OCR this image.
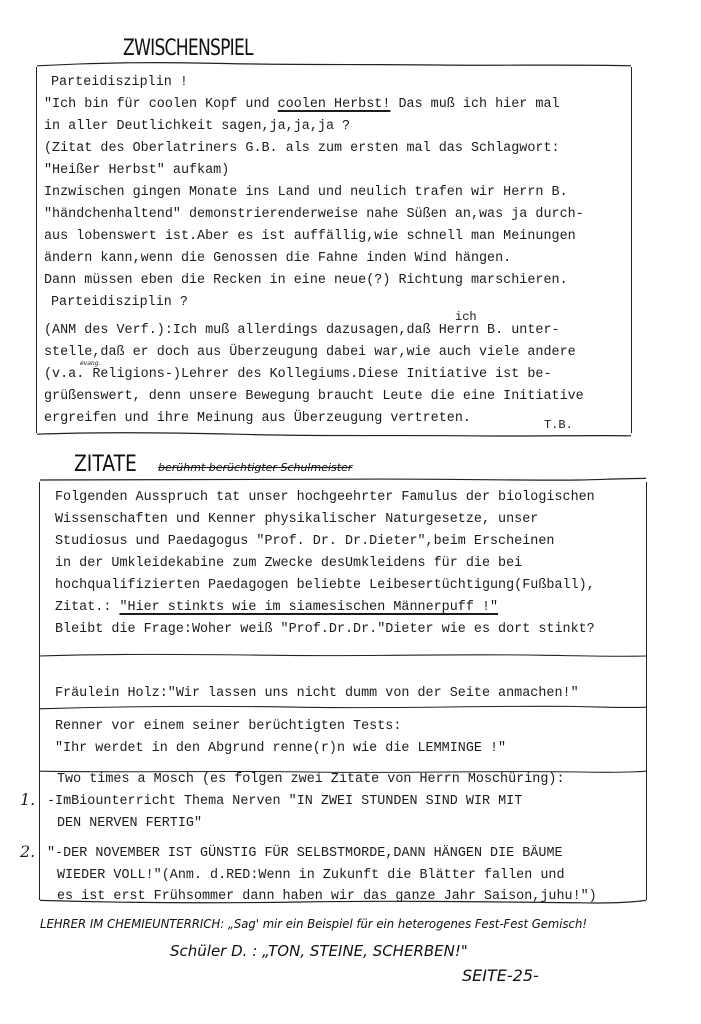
ZWISCHENSPIEL
Parteidisziplin !
"Ich bin für coolen Kopf und coolen Herbst! Das muß ich hier mal
in aller Deutlichkeit sagen,ja,ja,ja ?
(Zitat des Oberlatriners G.B. als zum ersten mal das Schlagwort:
"Heißer Herbst" aufkam)
Inzwischen gingen Monate ins Land und neulich trafen wir Herrn B.
"händchenhaltend" demonstrierenderweise nahe Süßen an,was ja durch-
aus lobenswert ist.Aber es ist auffällig,wie schnell man Meinungen
ändern kann,wenn die Genossen die Fahne inden Wind hängen.
Dann müssen eben die Recken in eine neue(?) Richtung marschieren.
Parteidisziplin ?
ich
(ANM des Verf.):Ich muß allerdings dazusagen,daß Herrn B. unter-
stelle,daß er doch aus Überzeugung dabei war,wie auch viele andere
evang.
(v.a. Religions-)Lehrer des Kollegiums.Diese Initiative ist be-
grüßenswert, denn unsere Bewegung braucht Leute die eine Initiative
ergreifen und ihre Meinung aus Überzeugung vertreten.	T.B.
ZITATE berühmt berüchtigter Schulmeister
Folgenden Ausspruch tat unser hochgeehrter Famulus der biologischen
Wissenschaften und Kenner physikalischer Naturgesetze, unser
Studiosus und Paedagogus "Prof. Dr. Dr.Dieter",beim Erscheinen
in der Umkleidekabine zum Zwecke desUmkleidens für die bei
hochqualifizierten Paedagogen beliebte Leibesertüchtigung(Fußball),
Zitat.: "Hier stinkts wie im siamesischen Männerpuff !"
Bleibt die Frage:Woher weiß "Prof.Dr.Dr."Dieter wie es dort stinkt?
Fräulein Holz:"Wir lassen uns nicht dumm von der Seite anmachen!"
Renner vor einem seiner berüchtigten Tests:
"Ihr werdet in den Abgrund renne(r)n wie die LEMMINGE !"
Two times a Mosch (es folgen zwei Zitate von Herrn Moschüring):
1. -ImBiounterricht Thema Nerven "IN ZWEI STUNDEN SIND WIR MIT
DEN NERVEN FERTIG"
2. "-DER NOVEMBER IST GÜNSTIG FÜR SELBSTMORDE,DANN HÄNGEN DIE BÄUME
WIEDER VOLL!"(Anm. d.RED:Wenn in Zukunft die Blätter fallen und
es ist erst Frühsommer dann haben wir das ganze Jahr Saison,juhu!")
LEHRER IM CHEMIEUNTERRICH: „Sag' mir ein Beispiel für ein heterogenes Fest-Fest Gemisch!
Schüler D. : „TON, STEINE, SCHERBEN!"
SEITE-25-
